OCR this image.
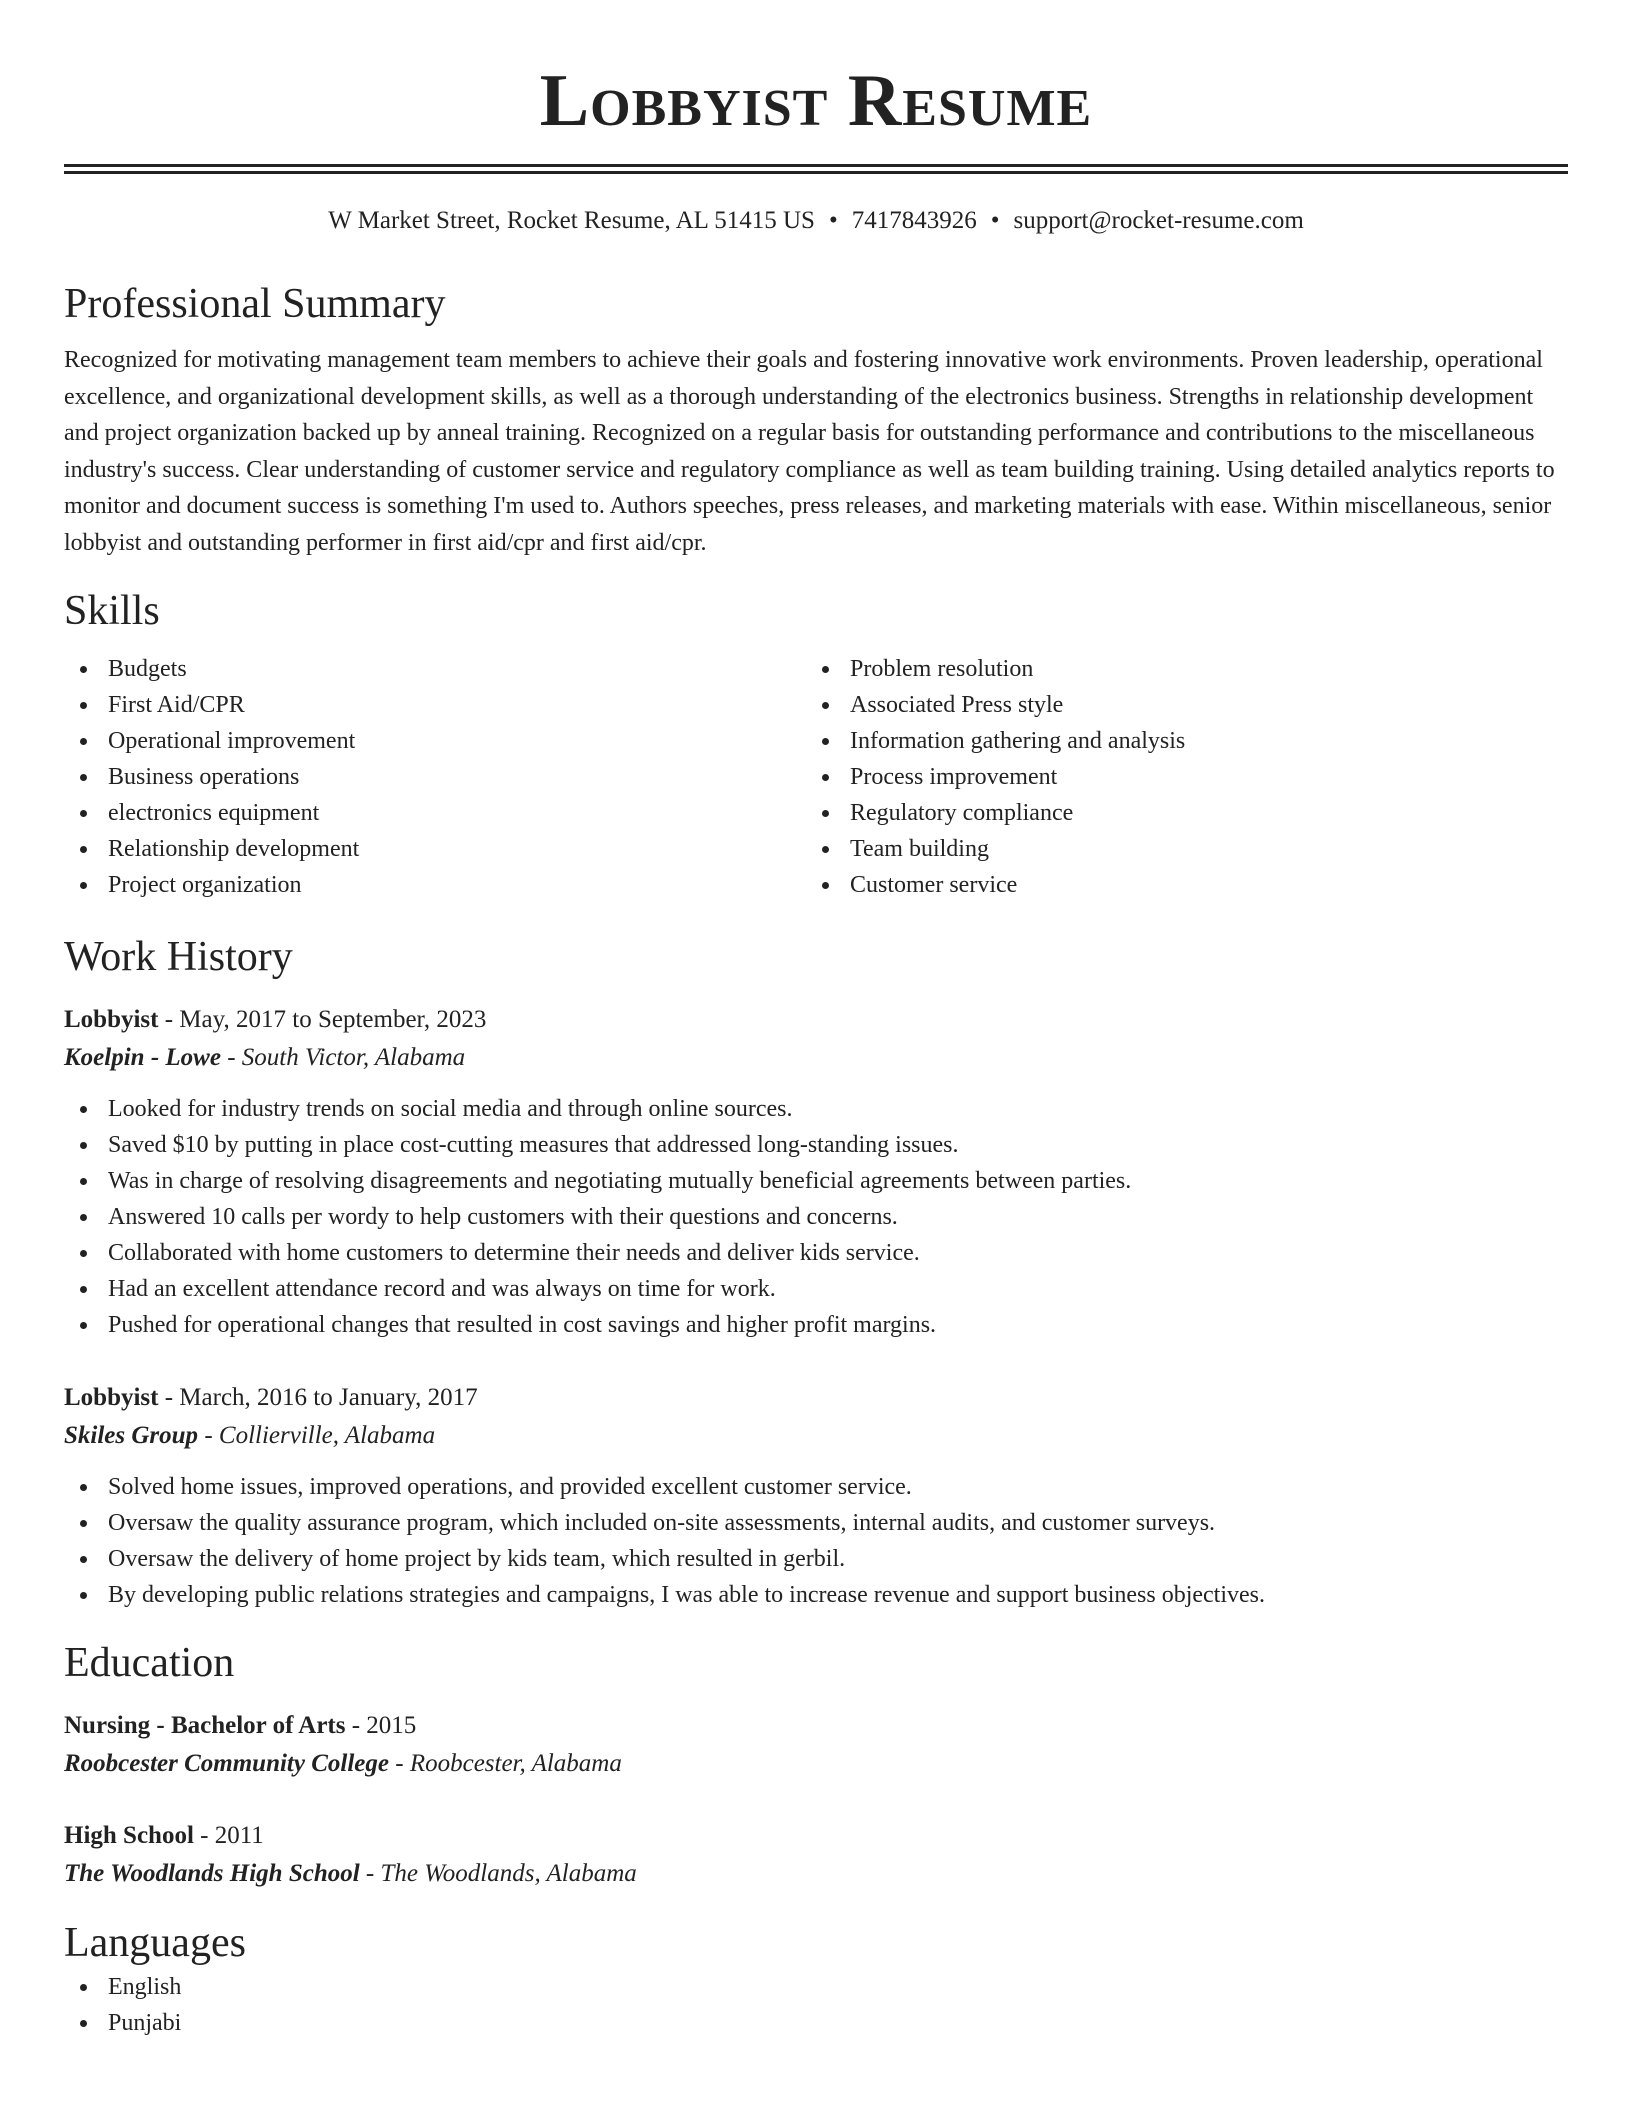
Lobbyist Resume
W Market Street, Rocket Resume, AL 51415 US • 7417843926 • support@rocket-resume.com
Professional Summary

Recognized for motivating management team members to achieve their goals and fostering innovative work environments. Proven leadership, operational excellence, and organizational development skills, as well as a thorough understanding of the electronics business. Strengths in relationship development and project organization backed up by anneal training. Recognized on a regular basis for outstanding performance and contributions to the miscellaneous industry's success. Clear understanding of customer service and regulatory compliance as well as team building training. Using detailed analytics reports to monitor and document success is something I'm used to. Authors speeches, press releases, and marketing materials with ease. Within miscellaneous, senior lobbyist and outstanding performer in first aid/cpr and first aid/cpr.

Skills
Budgets
First Aid/CPR
Operational improvement
Business operations
electronics equipment
Relationship development
Project organization
Problem resolution
Associated Press style
Information gathering and analysis
Process improvement
Regulatory compliance
Team building
Customer service
Work History
Lobbyist - May, 2017 to September, 2023
Koelpin - Lowe - South Victor, Alabama
Looked for industry trends on social media and through online sources.
Saved $10 by putting in place cost-cutting measures that addressed long-standing issues.
Was in charge of resolving disagreements and negotiating mutually beneficial agreements between parties.
Answered 10 calls per wordy to help customers with their questions and concerns.
Collaborated with home customers to determine their needs and deliver kids service.
Had an excellent attendance record and was always on time for work.
Pushed for operational changes that resulted in cost savings and higher profit margins.
Lobbyist - March, 2016 to January, 2017
Skiles Group - Collierville, Alabama
Solved home issues, improved operations, and provided excellent customer service.
Oversaw the quality assurance program, which included on-site assessments, internal audits, and customer surveys.
Oversaw the delivery of home project by kids team, which resulted in gerbil.
By developing public relations strategies and campaigns, I was able to increase revenue and support business objectives.
Education
Nursing - Bachelor of Arts - 2015
Roobcester Community College - Roobcester, Alabama
High School - 2011
The Woodlands High School - The Woodlands, Alabama
Languages
English
Punjabi
